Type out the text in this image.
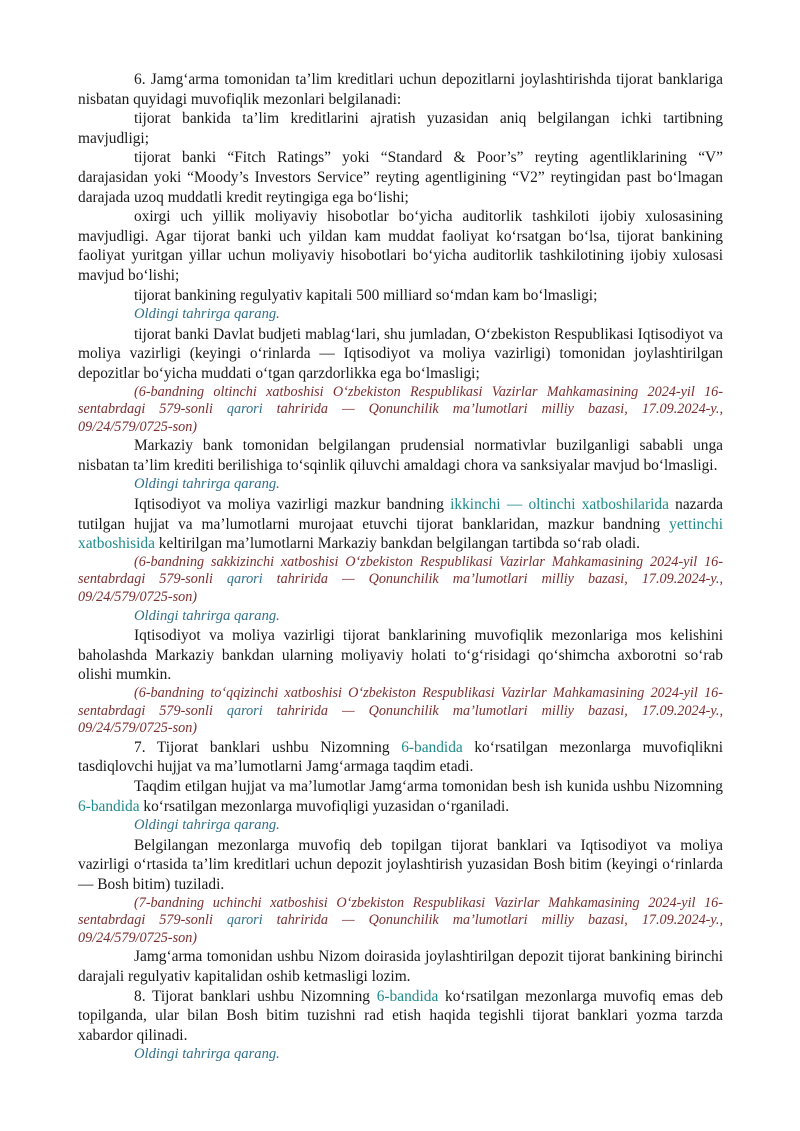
6. Jamg‘arma tomonidan ta’lim kreditlari uchun depozitlarni joylashtirishda tijorat banklariga nisbatan quyidagi muvofiqlik mezonlari belgilanadi:

tijorat bankida ta’lim kreditlarini ajratish yuzasidan aniq belgilangan ichki tartibning mavjudligi;

tijorat banki “Fitch Ratings” yoki “Standard & Poor’s” reyting agentliklarining “V” darajasidan yoki “Moody’s Investors Service” reyting agentligining “V2” reytingidan past bo‘lmagan darajada uzoq muddatli kredit reytingiga ega bo‘lishi;

oxirgi uch yillik moliyaviy hisobotlar bo‘yicha auditorlik tashkiloti ijobiy xulosasining mavjudligi. Agar tijorat banki uch yildan kam muddat faoliyat ko‘rsatgan bo‘lsa, tijorat bankining faoliyat yuritgan yillar uchun moliyaviy hisobotlari bo‘yicha auditorlik tashkilotining ijobiy xulosasi mavjud bo‘lishi;

tijorat bankining regulyativ kapitali 500 milliard so‘mdan kam bo‘lmasligi;

Oldingi tahrirga qarang.

tijorat banki Davlat budjeti mablag‘lari, shu jumladan, O‘zbekiston Respublikasi Iqtisodiyot va moliya vazirligi (keyingi o‘rinlarda — Iqtisodiyot va moliya vazirligi) tomonidan joylashtirilgan depozitlar bo‘yicha muddati o‘tgan qarzdorlikka ega bo‘lmasligi;

(6-bandning oltinchi xatboshisi O‘zbekiston Respublikasi Vazirlar Mahkamasining 2024-yil 16-sentabrdagi 579-sonli qarori tahririda — Qonunchilik ma’lumotlari milliy bazasi, 17.09.2024-y., 09/24/579/0725-son)

Markaziy bank tomonidan belgilangan prudensial normativlar buzilganligi sababli unga nisbatan ta’lim krediti berilishiga to‘sqinlik qiluvchi amaldagi chora va sanksiyalar mavjud bo‘lmasligi.

Oldingi tahrirga qarang.

Iqtisodiyot va moliya vazirligi mazkur bandning ikkinchi — oltinchi xatboshilarida nazarda tutilgan hujjat va ma’lumotlarni murojaat etuvchi tijorat banklaridan, mazkur bandning yettinchi xatboshisida keltirilgan ma’lumotlarni Markaziy bankdan belgilangan tartibda so‘rab oladi.

(6-bandning sakkizinchi xatboshisi O‘zbekiston Respublikasi Vazirlar Mahkamasining 2024-yil 16-sentabrdagi 579-sonli qarori tahririda — Qonunchilik ma’lumotlari milliy bazasi, 17.09.2024-y., 09/24/579/0725-son)

Oldingi tahrirga qarang.

Iqtisodiyot va moliya vazirligi tijorat banklarining muvofiqlik mezonlariga mos kelishini baholashda Markaziy bankdan ularning moliyaviy holati to‘g‘risidagi qo‘shimcha axborotni so‘rab olishi mumkin.

(6-bandning to‘qqizinchi xatboshisi O‘zbekiston Respublikasi Vazirlar Mahkamasining 2024-yil 16-sentabrdagi 579-sonli qarori tahririda — Qonunchilik ma’lumotlari milliy bazasi, 17.09.2024-y., 09/24/579/0725-son)

7. Tijorat banklari ushbu Nizomning 6-bandida ko‘rsatilgan mezonlarga muvofiqlikni tasdiqlovchi hujjat va ma’lumotlarni Jamg‘armaga taqdim etadi.

Taqdim etilgan hujjat va ma’lumotlar Jamg‘arma tomonidan besh ish kunida ushbu Nizomning 6-bandida ko‘rsatilgan mezonlarga muvofiqligi yuzasidan o‘rganiladi.

Oldingi tahrirga qarang.

Belgilangan mezonlarga muvofiq deb topilgan tijorat banklari va Iqtisodiyot va moliya vazirligi o‘rtasida ta’lim kreditlari uchun depozit joylashtirish yuzasidan Bosh bitim (keyingi o‘rinlarda — Bosh bitim) tuziladi.

(7-bandning uchinchi xatboshisi O‘zbekiston Respublikasi Vazirlar Mahkamasining 2024-yil 16-sentabrdagi 579-sonli qarori tahririda — Qonunchilik ma’lumotlari milliy bazasi, 17.09.2024-y., 09/24/579/0725-son)

Jamg‘arma tomonidan ushbu Nizom doirasida joylashtirilgan depozit tijorat bankining birinchi darajali regulyativ kapitalidan oshib ketmasligi lozim.

8. Tijorat banklari ushbu Nizomning 6-bandida ko‘rsatilgan mezonlarga muvofiq emas deb topilganda, ular bilan Bosh bitim tuzishni rad etish haqida tegishli tijorat banklari yozma tarzda xabardor qilinadi.

Oldingi tahrirga qarang.
